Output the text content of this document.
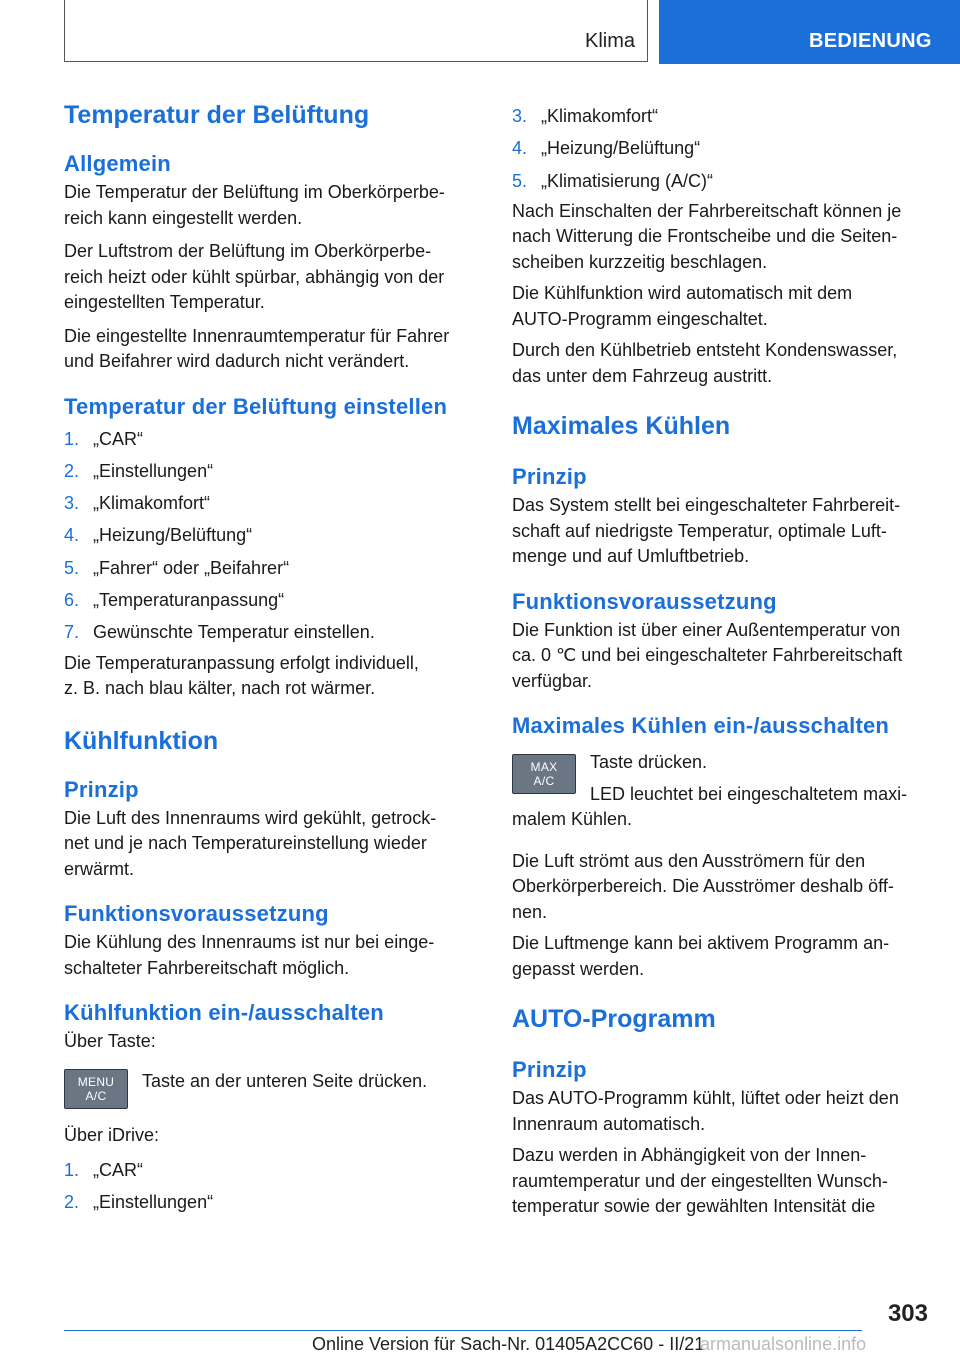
Klima	BEDIENUNG
Temperatur der Belüftung
Allgemein

Die Temperatur der Belüftung im Oberkörperbe-
reich kann eingestellt werden.

Der Luftstrom der Belüftung im Oberkörperbe-
reich heizt oder kühlt spürbar, abhängig von der
eingestellten Temperatur.

Die eingestellte Innenraumtemperatur für Fahrer
und Beifahrer wird dadurch nicht verändert.

Temperatur der Belüftung einstellen
1. „CAR“
2. „Einstellungen“
3. „Klimakomfort“
4. „Heizung/Belüftung“
5. „Fahrer“ oder „Beifahrer“
6. „Temperaturanpassung“
7. Gewünschte Temperatur einstellen.

Die Temperaturanpassung erfolgt individuell,
z. B. nach blau kälter, nach rot wärmer.

Kühlfunktion
Prinzip

Die Luft des Innenraums wird gekühlt, getrock-
net und je nach Temperatureinstellung wieder
erwärmt.

Funktionsvoraussetzung

Die Kühlung des Innenraums ist nur bei einge-
schalteter Fahrbereitschaft möglich.

Kühlfunktion ein-/ausschalten

Über Taste:

MENU
A/C

Taste an der unteren Seite drücken.

Über iDrive:

1. „CAR“
2. „Einstellungen“
3. „Klimakomfort“
4. „Heizung/Belüftung“
5. „Klimatisierung (A/C)“

Nach Einschalten der Fahrbereitschaft können je
nach Witterung die Frontscheibe und die Seiten-
scheiben kurzzeitig beschlagen.

Die Kühlfunktion wird automatisch mit dem
AUTO-Programm eingeschaltet.

Durch den Kühlbetrieb entsteht Kondenswasser,
das unter dem Fahrzeug austritt.

Maximales Kühlen
Prinzip

Das System stellt bei eingeschalteter Fahrbereit-
schaft auf niedrigste Temperatur, optimale Luft-
menge und auf Umluftbetrieb.

Funktionsvoraussetzung

Die Funktion ist über einer Außentemperatur von
ca. 0 ℃ und bei eingeschalteter Fahrbereitschaft
verfügbar.

Maximales Kühlen ein-/ausschalten
MAX
A/C

Taste drücken.

LED leuchtet bei eingeschaltetem maxi-

malem Kühlen.

Die Luft strömt aus den Ausströmern für den
Oberkörperbereich. Die Ausströmer deshalb öff-
nen.

Die Luftmenge kann bei aktivem Programm an-
gepasst werden.

AUTO-Programm
Prinzip

Das AUTO-Programm kühlt, lüftet oder heizt den
Innenraum automatisch.

Dazu werden in Abhängigkeit von der Innen-
raumtemperatur und der eingestellten Wunsch-
temperatur sowie der gewählten Intensität die

303
Online Version für Sach-Nr. 01405A2CC60 - II/21
armanualsonline.info
